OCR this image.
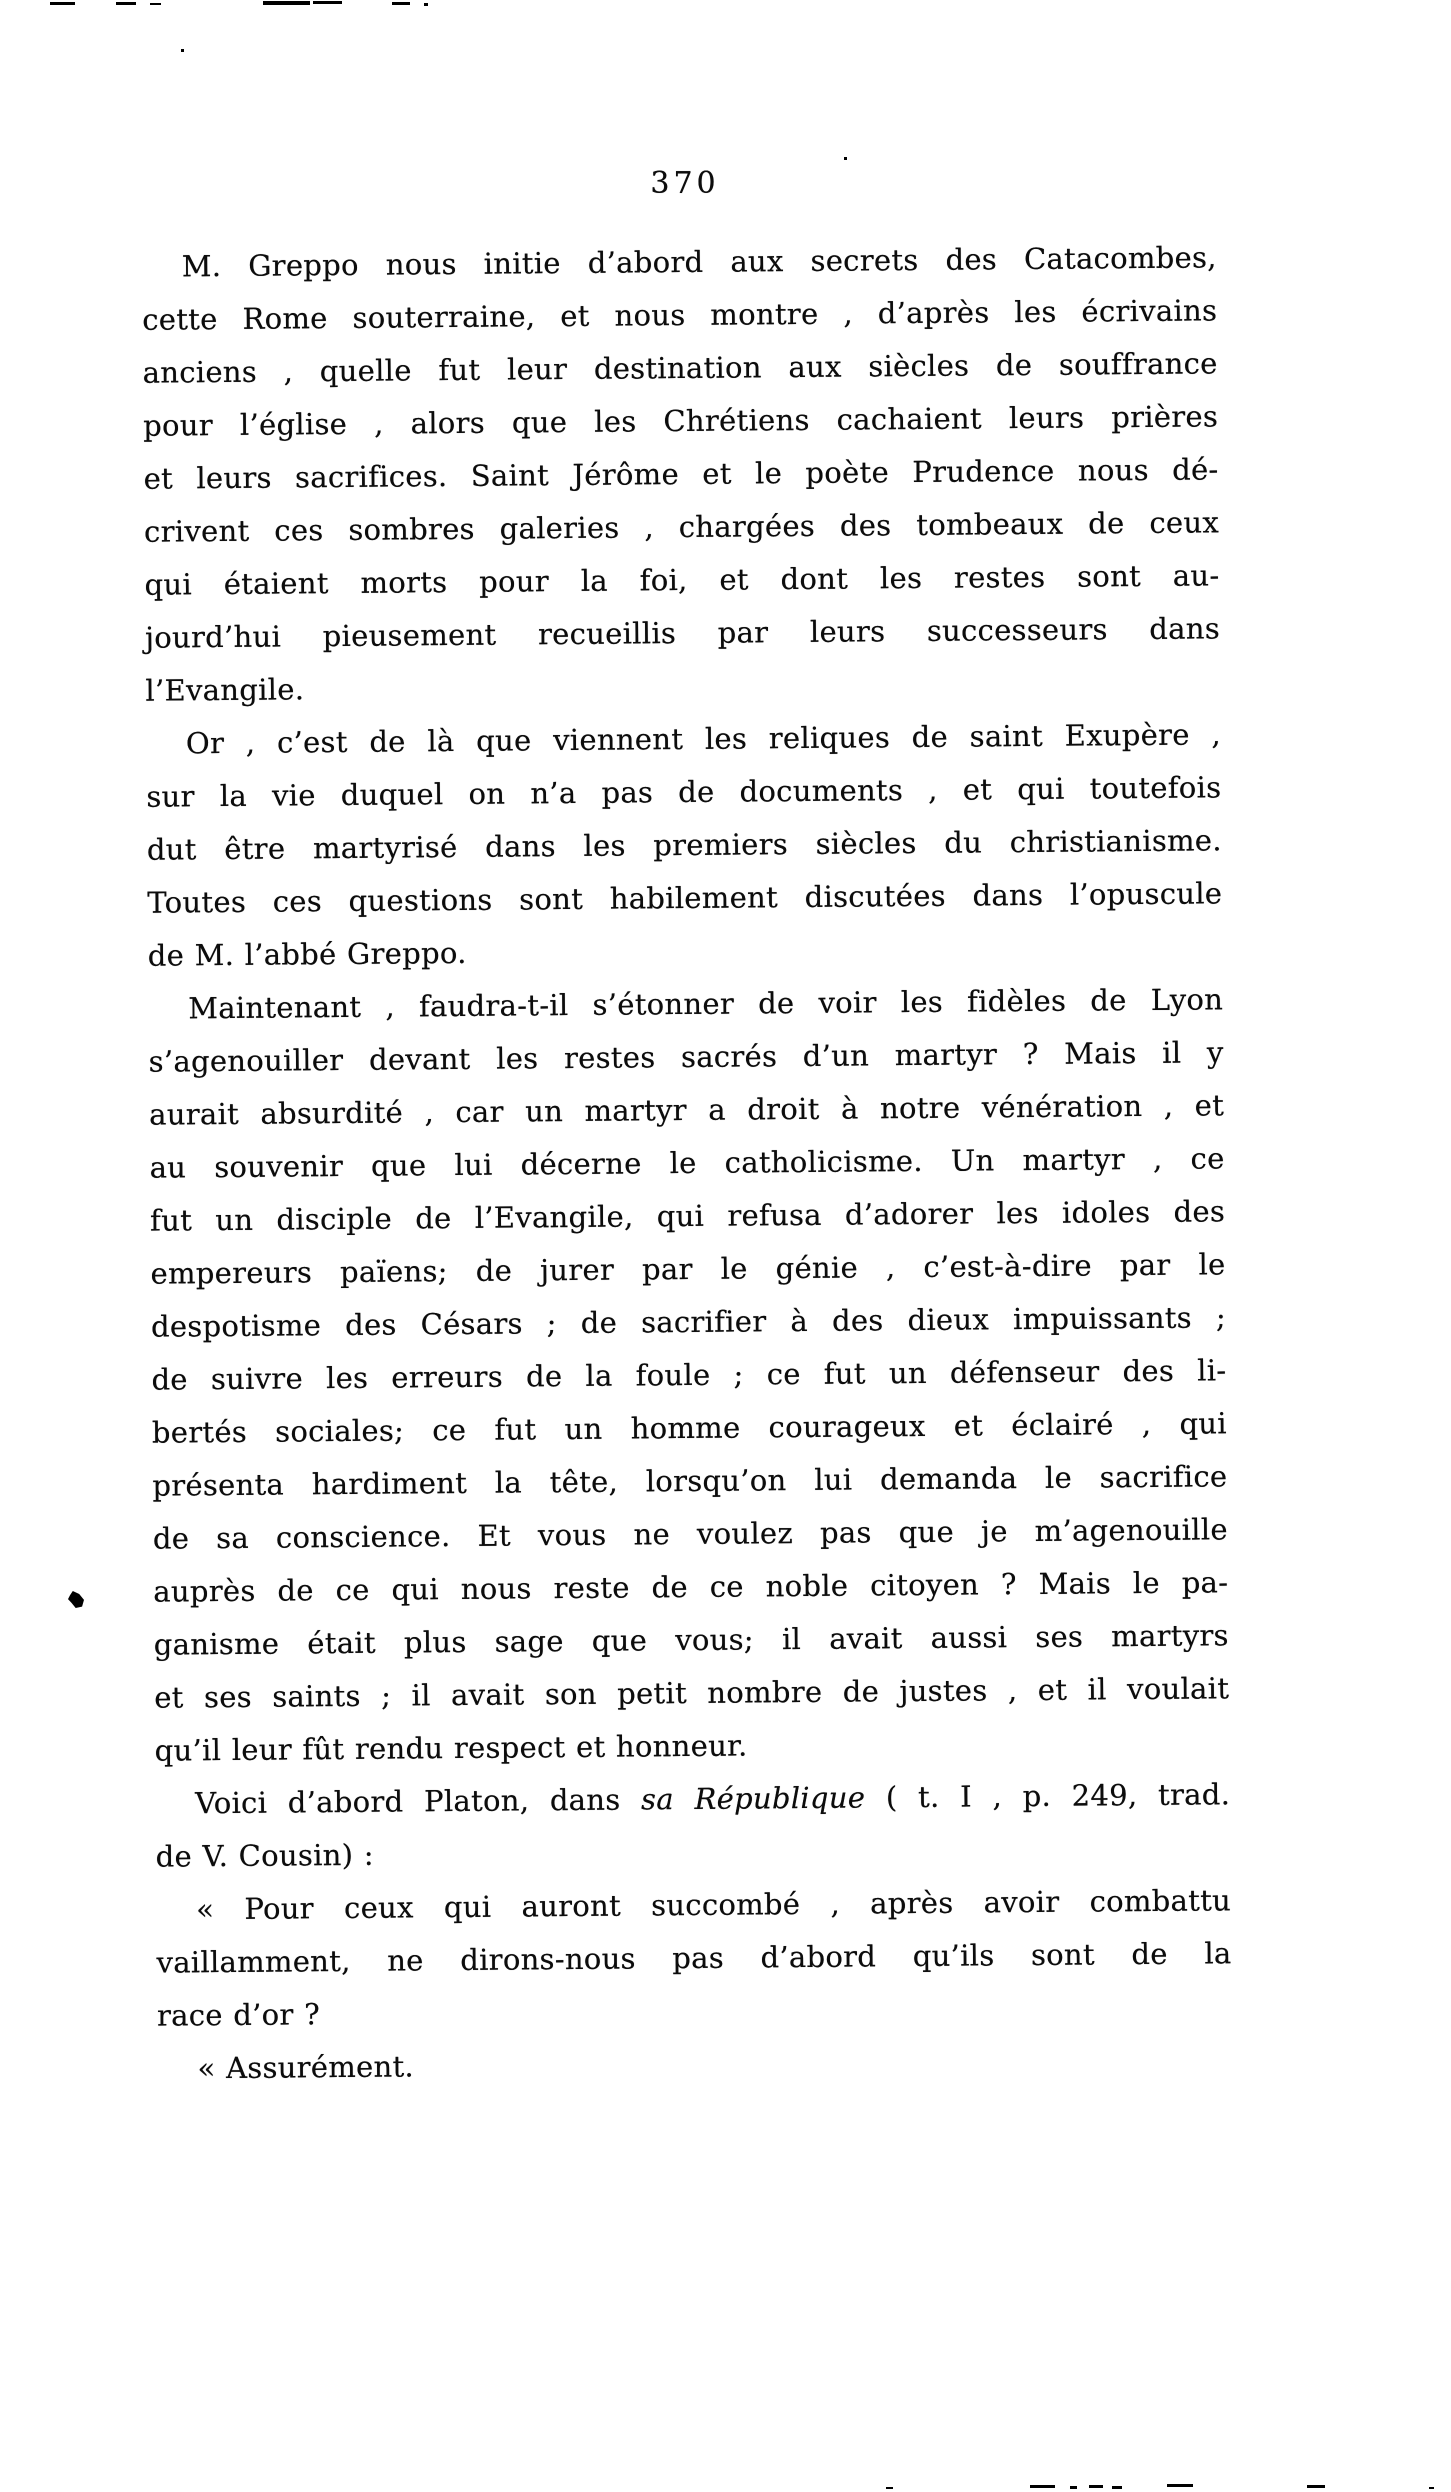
370
M. Greppo nous initie d’abord aux secrets des Catacombes,
cette Rome souterraine, et nous montre , d’après les écrivains
anciens , quelle fut leur destination aux siècles de souffrance
pour l’église , alors que les Chrétiens cachaient leurs prières
et leurs sacrifices. Saint Jérôme et le poète Prudence nous dé-
crivent ces sombres galeries , chargées des tombeaux de ceux
qui étaient morts pour la foi, et dont les restes sont au-
jourd’hui pieusement recueillis par leurs successeurs dans
l’Evangile.
Or , c’est de là que viennent les reliques de saint Exupère ,
sur la vie duquel on n’a pas de documents , et qui toutefois
dut être martyrisé dans les premiers siècles du christianisme.
Toutes ces questions sont habilement discutées dans l’opuscule
de M. l’abbé Greppo.
Maintenant , faudra-t-il s’étonner de voir les fidèles de Lyon
s’agenouiller devant les restes sacrés d’un martyr ? Mais il y
aurait absurdité , car un martyr a droit à notre vénération , et
au souvenir que lui décerne le catholicisme. Un martyr , ce
fut un disciple de l’Evangile, qui refusa d’adorer les idoles des
empereurs païens; de jurer par le génie , c’est-à-dire par le
despotisme des Césars ; de sacrifier à des dieux impuissants ;
de suivre les erreurs de la foule ; ce fut un défenseur des li-
bertés sociales; ce fut un homme courageux et éclairé , qui
présenta hardiment la tête, lorsqu’on lui demanda le sacrifice
de sa conscience. Et vous ne voulez pas que je m’agenouille
auprès de ce qui nous reste de ce noble citoyen ? Mais le pa-
ganisme était plus sage que vous; il avait aussi ses martyrs
et ses saints ; il avait son petit nombre de justes , et il voulait
qu’il leur fût rendu respect et honneur.
Voici d’abord Platon, dans sa République ( t. I , p. 249, trad.
de V. Cousin) :
« Pour ceux qui auront succombé , après avoir combattu
vaillamment, ne dirons-nous pas d’abord qu’ils sont de la
race d’or ?
« Assurément.
